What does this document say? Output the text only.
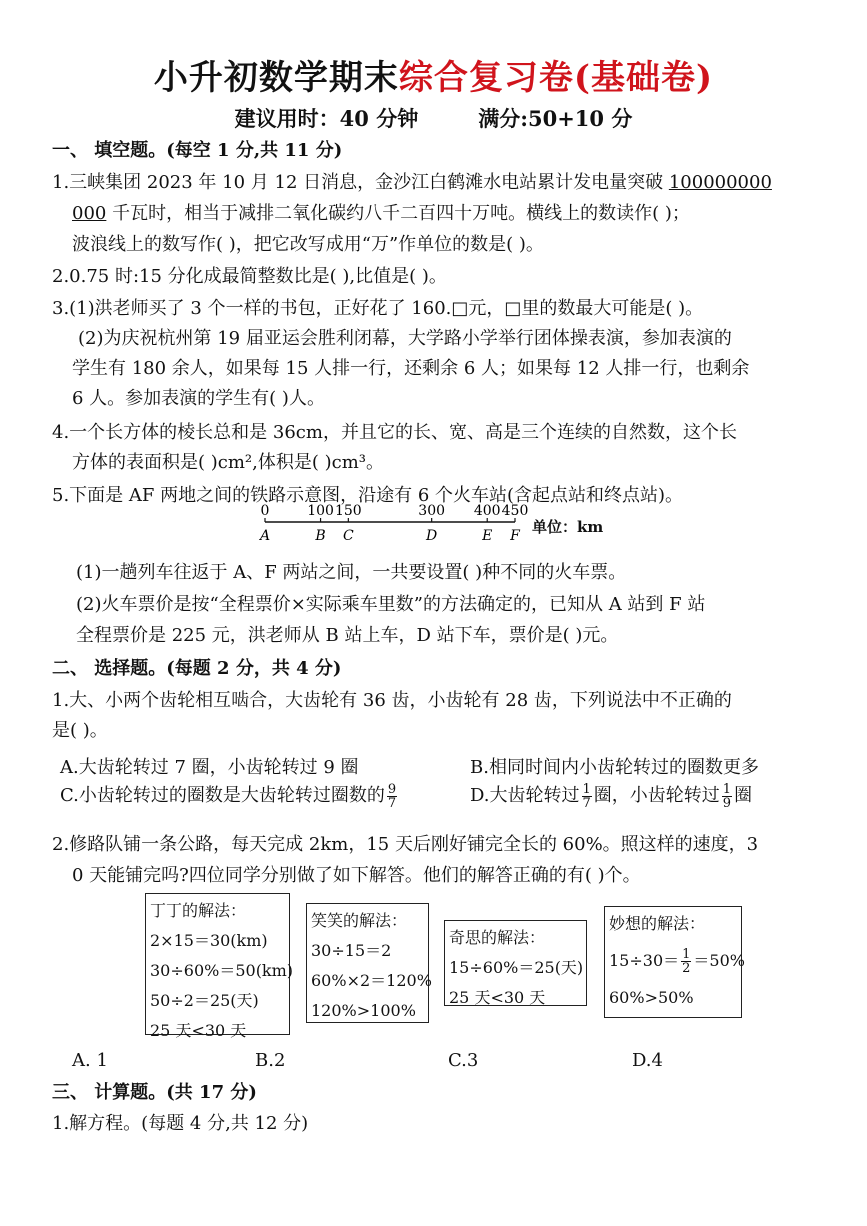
小升初数学期末综合复习卷(基础卷)
建议用时：40 分钟	满分:50+10 分
一、 填空题。(每空 1 分,共 11 分)
1.三峡集团 2023 年 10 月 12 日消息，金沙江白鹤滩水电站累计发电量突破 100000000
000 千瓦时，相当于减排二氧化碳约八千二百四十万吨。横线上的数读作( )；
波浪线上的数写作( )，把它改写成用“万”作单位的数是( )。
2.0.75 时:15 分化成最简整数比是( ),比值是( )。
3.(1)洪老师买了 3 个一样的书包，正好花了 160.□元，□里的数最大可能是( )。
(2)为庆祝杭州第 19 届亚运会胜利闭幕，大学路小学举行团体操表演，参加表演的
学生有 180 余人，如果每 15 人排一行，还剩余 6 人；如果每 12 人排一行，也剩余
6 人。参加表演的学生有( )人。
4.一个长方体的棱长总和是 36cm，并且它的长、宽、高是三个连续的自然数，这个长
方体的表面积是( )cm²,体积是( )cm³。
5.下面是 AF 两地之间的铁路示意图，沿途有 6 个火车站(含起点站和终点站)。
0
A
100
B
150
C
300
D
400
E
450
F 单位：km
(1)一趟列车往返于 A、F 两站之间，一共要设置( )种不同的火车票。
(2)火车票价是按“全程票价×实际乘车里数”的方法确定的，已知从 A 站到 F 站
全程票价是 225 元，洪老师从 B 站上车，D 站下车，票价是( )元。
二、 选择题。(每题 2 分，共 4 分)
1.大、小两个齿轮相互啮合，大齿轮有 36 齿，小齿轮有 28 齿，下列说法中不正确的
是( )。
A.大齿轮转过 7 圈，小齿轮转过 9 圈	B.相同时间内小齿轮转过的圈数更多
C.小齿轮转过的圈数是大齿轮转过圈数的 $\frac{9}{7}$	D.大齿轮转过 $\frac{1}{7}$ 圈，小齿轮转过 $\frac{1}{9}$ 圈
2.修路队铺一条公路，每天完成 2km，15 天后刚好铺完全长的 60%。照这样的速度，3
0 天能铺完吗?四位同学分别做了如下解答。他们的解答正确的有( )个。
丁丁的解法：
2×15＝30(km)
30÷60%＝50(km)
50÷2＝25(天)
25 天<30 天
笑笑的解法：
30÷15＝2
60%×2＝120%
120%>100%
奇思的解法：
15÷60%＝25(天)
25 天<30 天
妙想的解法：
$15\div 30= \frac{1}{2} =50\%$
60%>50%
A. 1	B.2	C.3	D.4
三、 计算题。(共 17 分)
1.解方程。(每题 4 分,共 12 分)
